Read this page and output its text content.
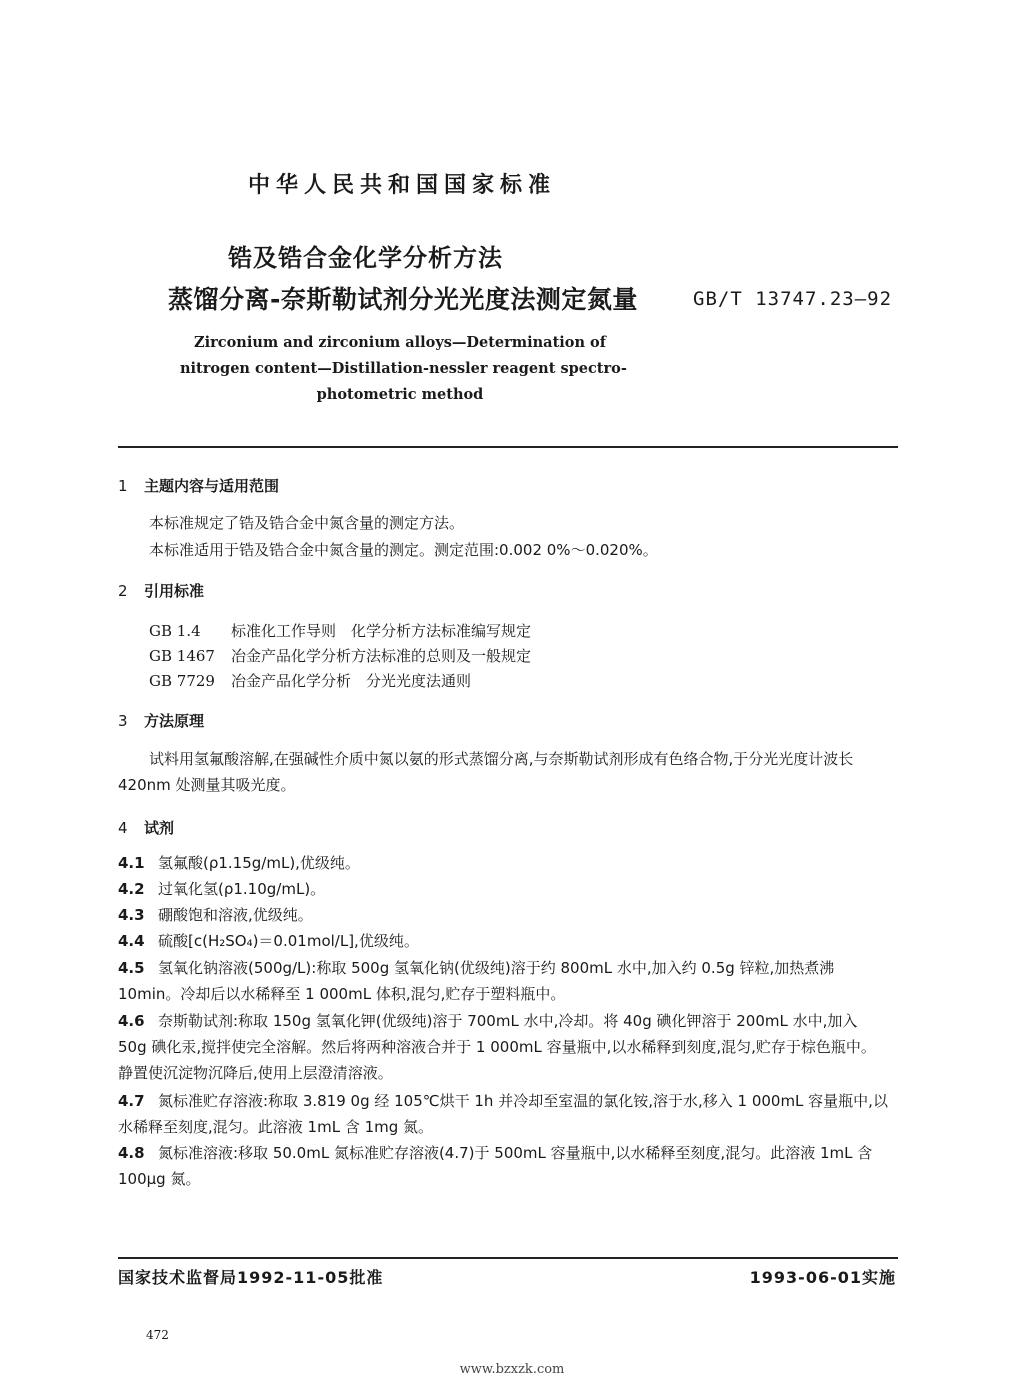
中华人民共和国国家标准
锆及锆合金化学分析方法
蒸馏分离-奈斯勒试剂分光光度法测定氮量	GB/T 13747.23—92
Zirconium and zirconium alloys—Determination of
nitrogen content—Distillation-nessler reagent spectro-
photometric method
1 主题内容与适用范围
本标准规定了锆及锆合金中氮含量的测定方法。
本标准适用于锆及锆合金中氮含量的测定。测定范围:0.002 0%～0.020%。
2 引用标准
GB 1.4 标准化工作导则　化学分析方法标准编写规定
GB 1467 冶金产品化学分析方法标准的总则及一般规定
GB 7729 冶金产品化学分析　分光光度法通则
3 方法原理
试料用氢氟酸溶解,在强碱性介质中氮以氨的形式蒸馏分离,与奈斯勒试剂形成有色络合物,于分光光度计波长 420nm 处测量其吸光度。
4 试剂
4.1 氢氟酸(ρ1.15g/mL),优级纯。
4.2 过氧化氢(ρ1.10g/mL)。
4.3 硼酸饱和溶液,优级纯。
4.4 硫酸[c(H₂SO₄)＝0.01mol/L],优级纯。
4.5 氢氧化钠溶液(500g/L):称取 500g 氢氧化钠(优级纯)溶于约 800mL 水中,加入约 0.5g 锌粒,加热煮沸 10min。冷却后以水稀释至 1 000mL 体积,混匀,贮存于塑料瓶中。
4.6 奈斯勒试剂:称取 150g 氢氧化钾(优级纯)溶于 700mL 水中,冷却。将 40g 碘化钾溶于 200mL 水中,加入 50g 碘化汞,搅拌使完全溶解。然后将两种溶液合并于 1 000mL 容量瓶中,以水稀释到刻度,混匀,贮存于棕色瓶中。静置使沉淀物沉降后,使用上层澄清溶液。
4.7 氮标准贮存溶液:称取 3.819 0g 经 105℃烘干 1h 并冷却至室温的氯化铵,溶于水,移入 1 000mL 容量瓶中,以水稀释至刻度,混匀。此溶液 1mL 含 1mg 氮。
4.8 氮标准溶液:移取 50.0mL 氮标准贮存溶液(4.7)于 500mL 容量瓶中,以水稀释至刻度,混匀。此溶液 1mL 含 100μg 氮。
国家技术监督局1992-11-05批准	1993-06-01实施
472
www.bzxzk.com
